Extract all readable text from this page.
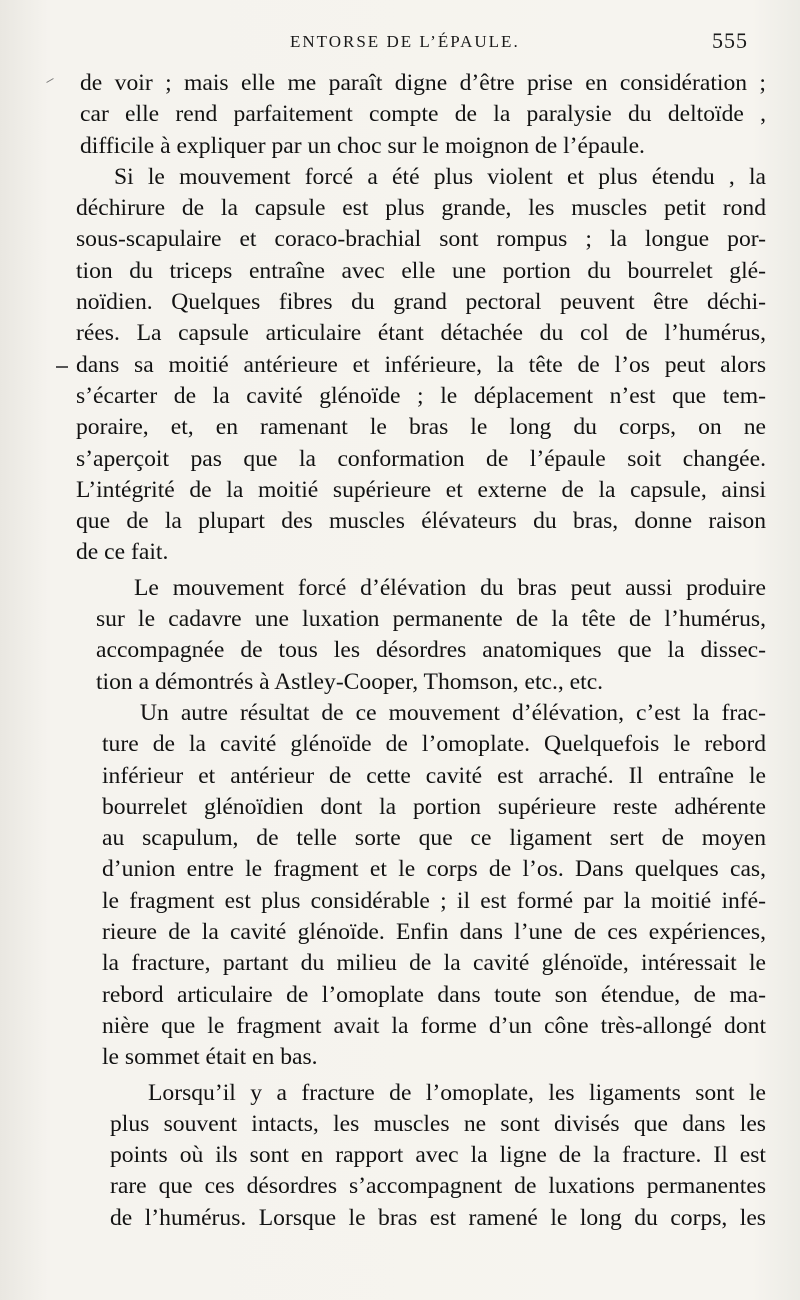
ENTORSE DE L’ÉPAULE.	555
de voir ; mais elle me paraît digne d’être prise en considération ;
car elle rend parfaitement compte de la paralysie du deltoïde ,
difficile à expliquer par un choc sur le moignon de l’épaule.
Si le mouvement forcé a été plus violent et plus étendu , la
déchirure de la capsule est plus grande, les muscles petit rond
sous-scapulaire et coraco-brachial sont rompus ; la longue por-
tion du triceps entraîne avec elle une portion du bourrelet glé-
noïdien. Quelques fibres du grand pectoral peuvent être déchi-
rées. La capsule articulaire étant détachée du col de l’humérus,
dans sa moitié antérieure et inférieure, la tête de l’os peut alors
s’écarter de la cavité glénoïde ; le déplacement n’est que tem-
poraire, et, en ramenant le bras le long du corps, on ne
s’aperçoit pas que la conformation de l’épaule soit changée.
L’intégrité de la moitié supérieure et externe de la capsule, ainsi
que de la plupart des muscles élévateurs du bras, donne raison
de ce fait.
Le mouvement forcé d’élévation du bras peut aussi produire
sur le cadavre une luxation permanente de la tête de l’humérus,
accompagnée de tous les désordres anatomiques que la dissec-
tion a démontrés à Astley-Cooper, Thomson, etc., etc.
Un autre résultat de ce mouvement d’élévation, c’est la frac-
ture de la cavité glénoïde de l’omoplate. Quelquefois le rebord
inférieur et antérieur de cette cavité est arraché. Il entraîne le
bourrelet glénoïdien dont la portion supérieure reste adhérente
au scapulum, de telle sorte que ce ligament sert de moyen
d’union entre le fragment et le corps de l’os. Dans quelques cas,
le fragment est plus considérable ; il est formé par la moitié infé-
rieure de la cavité glénoïde. Enfin dans l’une de ces expériences,
la fracture, partant du milieu de la cavité glénoïde, intéressait le
rebord articulaire de l’omoplate dans toute son étendue, de ma-
nière que le fragment avait la forme d’un cône très-allongé dont
le sommet était en bas.
Lorsqu’il y a fracture de l’omoplate, les ligaments sont le
plus souvent intacts, les muscles ne sont divisés que dans les
points où ils sont en rapport avec la ligne de la fracture. Il est
rare que ces désordres s’accompagnent de luxations permanentes
de l’humérus. Lorsque le bras est ramené le long du corps, les
